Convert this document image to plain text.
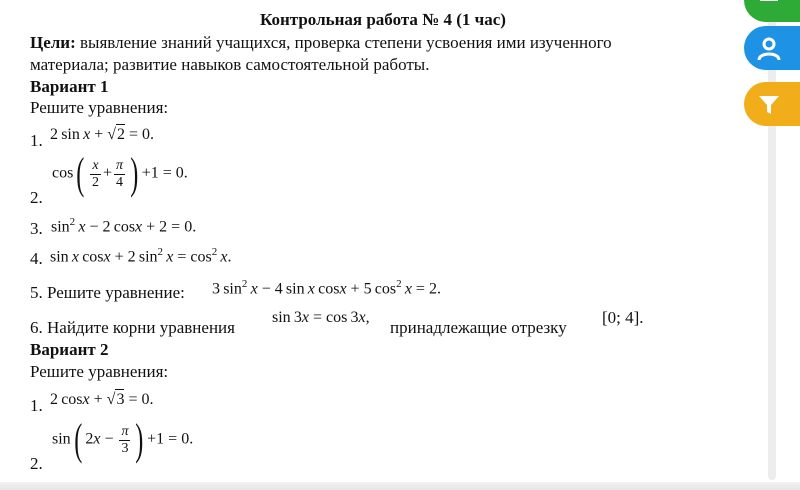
Контрольная работа № 4 (1 час)
Цели: выявление знаний учащихся, проверка степени усвоения ими изученного
материала; развитие навыков самостоятельной работы.
Вариант 1
Решите уравнения:
1. 2 sin x + √2 = 0.
2.
$\cos( \frac{x}{2} + \frac{\pi}{4}$ ) +1 = 0.
3. $\sin^2 x - 2$ cosx + 2 = 0.
4. sin x cosx + 2 $\sin^2 x = \cos^2 x$.
5. Решите уравнение: 3 $\sin^2 x - 4$ sin x cosx + 5 $\cos^2 x = 2$.
6. Найдите корни уравнения
sin 3x = cos 3x,
принадлежащие отрезку
[0; 4].
Вариант 2
Решите уравнения:
1. 2 cosx + √3 = 0.
2.
sin( $2x - \frac{\pi}{3}$ ) +1 = 0.
